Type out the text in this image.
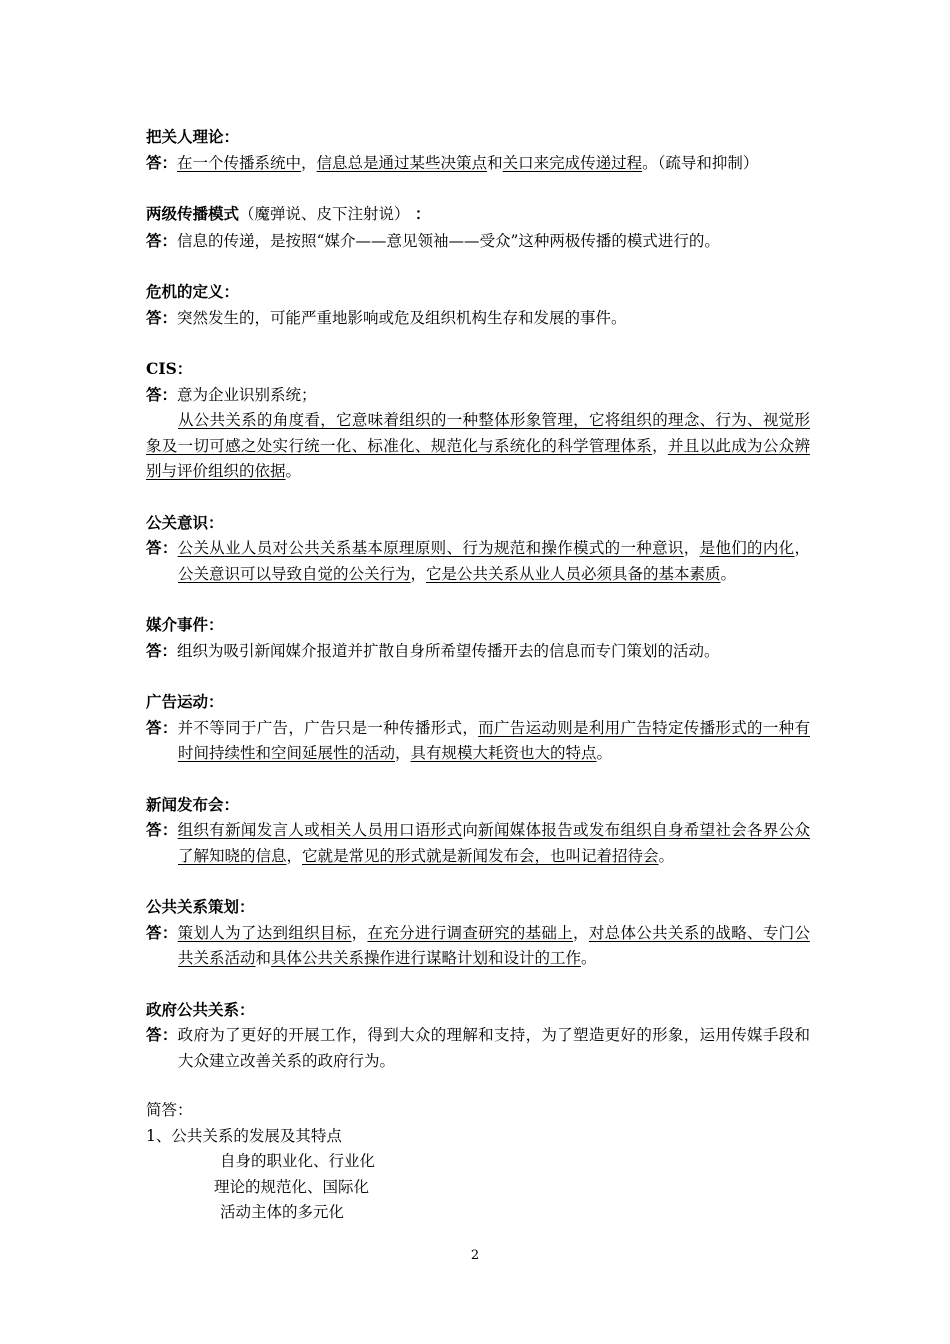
把关人理论：
答：在一个传播系统中，信息总是通过某些决策点和关口来完成传递过程。（疏导和抑制）
两级传播模式（魔弹说、皮下注射说） ：
答：信息的传递，是按照“媒介——意见领袖——受众”这种两极传播的模式进行的。
危机的定义：
答：突然发生的，可能严重地影响或危及组织机构生存和发展的事件。
CIS：
答：意为企业识别系统；
从公共关系的角度看，它意味着组织的一种整体形象管理，它将组织的理念、行为、视觉形象及一切可感之处实行统一化、标准化、规范化与系统化的科学管理体系，并且以此成为公众辨别与评价组织的依据。
公关意识：
答：公关从业人员对公共关系基本原理原则、行为规范和操作模式的一种意识，是他们的内化，公关意识可以导致自觉的公关行为，它是公共关系从业人员必须具备的基本素质。
媒介事件：
答：组织为吸引新闻媒介报道并扩散自身所希望传播开去的信息而专门策划的活动。
广告运动：
答：并不等同于广告，广告只是一种传播形式，而广告运动则是利用广告特定传播形式的一种有时间持续性和空间延展性的活动，具有规模大耗资也大的特点。
新闻发布会：
答：组织有新闻发言人或相关人员用口语形式向新闻媒体报告或发布组织自身希望社会各界公众了解知晓的信息，它就是常见的形式就是新闻发布会，也叫记着招待会。
公共关系策划：
答：策划人为了达到组织目标，在充分进行调查研究的基础上，对总体公共关系的战略、专门公共关系活动和具体公共关系操作进行谋略计划和设计的工作。
政府公共关系：
答：政府为了更好的开展工作，得到大众的理解和支持，为了塑造更好的形象，运用传媒手段和大众建立改善关系的政府行为。
简答：
1、公共关系的发展及其特点
自身的职业化、行业化
理论的规范化、国际化
活动主体的多元化
2
